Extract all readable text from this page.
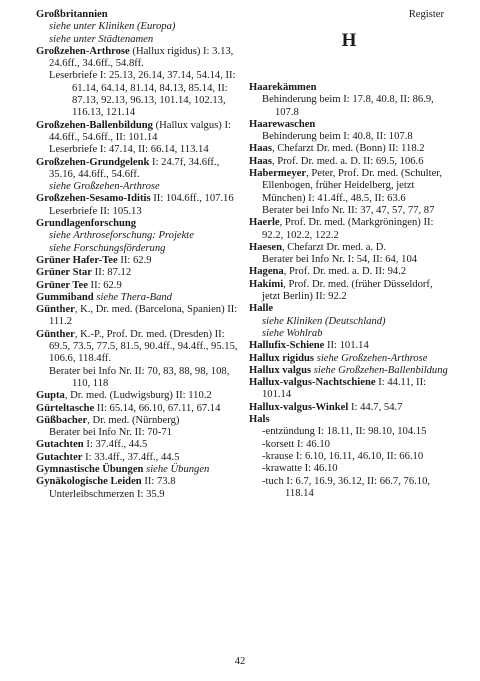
Großbritannien
siehe unter Kliniken (Europa)
siehe unter Städtenamen
Großzehen-Arthrose (Hallux rigidus) I: 3.13, 24.6ff., 34.6ff., 54.8ff.
Leserbriefe I: 25.13, 26.14, 37.14, 54.14, II: 61.14, 64.14, 81.14, 84.13, 85.14, II: 87.13, 92.13, 96.13, 101.14, 102.13, 116.13, 121.14
Großzehen-Ballenbildung (Hallux valgus) I: 44.6ff., 54.6ff., II: 101.14
Leserbriefe I: 47.14, II: 66.14, 113.14
Großzehen-Grundgelenk I: 24.7f, 34.6ff., 35.16, 44.6ff., 54.6ff.
siehe Großzehen-Arthrose
Großzehen-Sesamo-Iditis II: 104.6ff., 107.16
Leserbriefe II: 105.13
Grundlagenforschung
siehe Arthroseforschung: Projekte
siehe Forschungsförderung
Grüner Hafer-Tee II: 62.9
Grüner Star II: 87.12
Grüner Tee II: 62.9
Gummiband siehe Thera-Band
Günther, K., Dr. med. (Barcelona, Spanien) II: 111.2
Günther, K.-P., Prof. Dr. med. (Dresden) II: 69.5, 73.5, 77.5, 81.5, 90.4ff., 94.4ff., 95.15, 106.6, 118.4ff.
Berater bei Info Nr. II: 70, 83, 88, 98, 108, 110, 118
Gupta, Dr. med. (Ludwigsburg) II: 110.2
Gürteltasche II: 65.14, 66.10, 67.11, 67.14
Güßbacher, Dr. med. (Nürnberg)
Berater bei Info Nr. II: 70-71
Gutachten I: 37.4ff., 44.5
Gutachter I: 33.4ff., 37.4ff., 44.5
Gymnastische Übungen siehe Übungen
Gynäkologische Leiden II: 73.8
Unterleibschmerzen I: 35.9
Register
H
Haarekämmen
Behinderung beim I: 17.8, 40.8, II: 86.9, 107.8
Haarewaschen
Behinderung beim I: 40.8, II: 107.8
Haas, Chefarzt Dr. med. (Bonn) II: 118.2
Haas, Prof. Dr. med. a. D. II: 69.5, 106.6
Habermeyer, Peter, Prof. Dr. med. (Schulter, Ellenbogen, früher Heidelberg, jetzt München) I: 41.4ff., 48.5, II: 63.6
Berater bei Info Nr. II: 37, 47, 57, 77, 87
Haerle, Prof. Dr. med. (Markgröningen) II: 92.2, 102.2, 122.2
Haesen, Chefarzt Dr. med. a. D.
Berater bei Info Nr. I: 54, II: 64, 104
Hagena, Prof. Dr. med. a. D. II: 94.2
Hakimi, Prof. Dr. med. (früher Düsseldorf, jetzt Berlin) II: 92.2
Halle
siehe Kliniken (Deutschland)
siehe Wohlrab
Hallufix-Schiene II: 101.14
Hallux rigidus siehe Großzehen-Arthrose
Hallux valgus siehe Großzehen-Ballenbildung
Hallux-valgus-Nachtschiene I: 44.11, II: 101.14
Hallux-valgus-Winkel I: 44.7, 54.7
Hals
-entzündung I: 18.11, II: 98.10, 104.15
-korsett I: 46.10
-krause I: 6.10, 16.11, 46.10, II: 66.10
-krawatte I: 46.10
-tuch I: 6.7, 16.9, 36.12, II: 66.7, 76.10, 118.14
42
